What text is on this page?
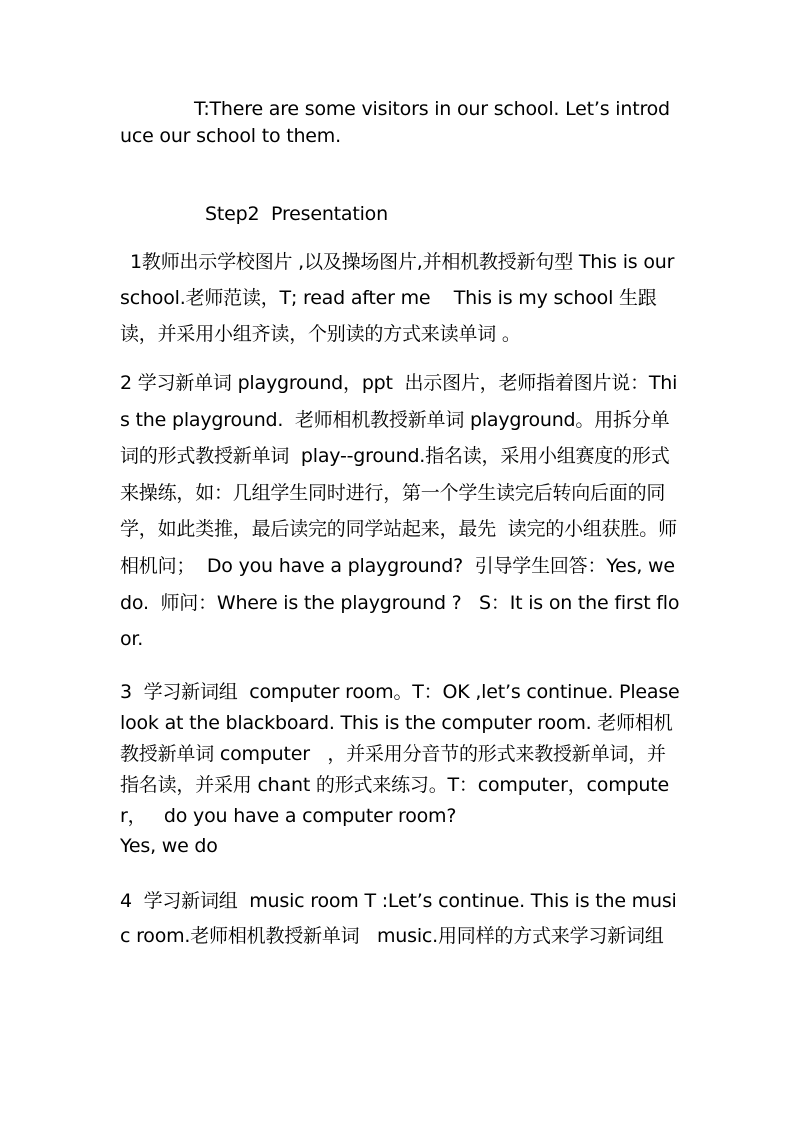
T:There are some visitors in our school. Let’s introduce our school to them.

Step2  Presentation

1教师出示学校图片 ,以及操场图片,并相机教授新句型 This is our school.老师范读，T; read after me    This is my school 生跟读，并采用小组齐读，个别读的方式来读单词 。

2 学习新单词 playground，ppt  出示图片，老师指着图片说：This the playground.  老师相机教授新单词 playground。用拆分单词的形式教授新单词  play--ground.指名读，采用小组赛度的形式来操练，如：几组学生同时进行，第一个学生读完后转向后面的同学，如此类推，最后读完的同学站起来，最先  读完的小组获胜。师相机问；  Do you have a playground?  引导学生回答：Yes, we do.  师问：Where is the playground ?   S：It is on the first floor.

3  学习新词组  computer room。T：OK ,let’s continue. Please look at the blackboard. This is the computer room. 老师相机教授新单词 computer   ，并采用分音节的形式来教授新单词，并指名读，并采用 chant 的形式来练习。T：computer，computer，   do you have a computer room?
Yes, we do

4  学习新词组  music room T :Let’s continue. This is the music room.老师相机教授新单词   music.用同样的方式来学习新词组
